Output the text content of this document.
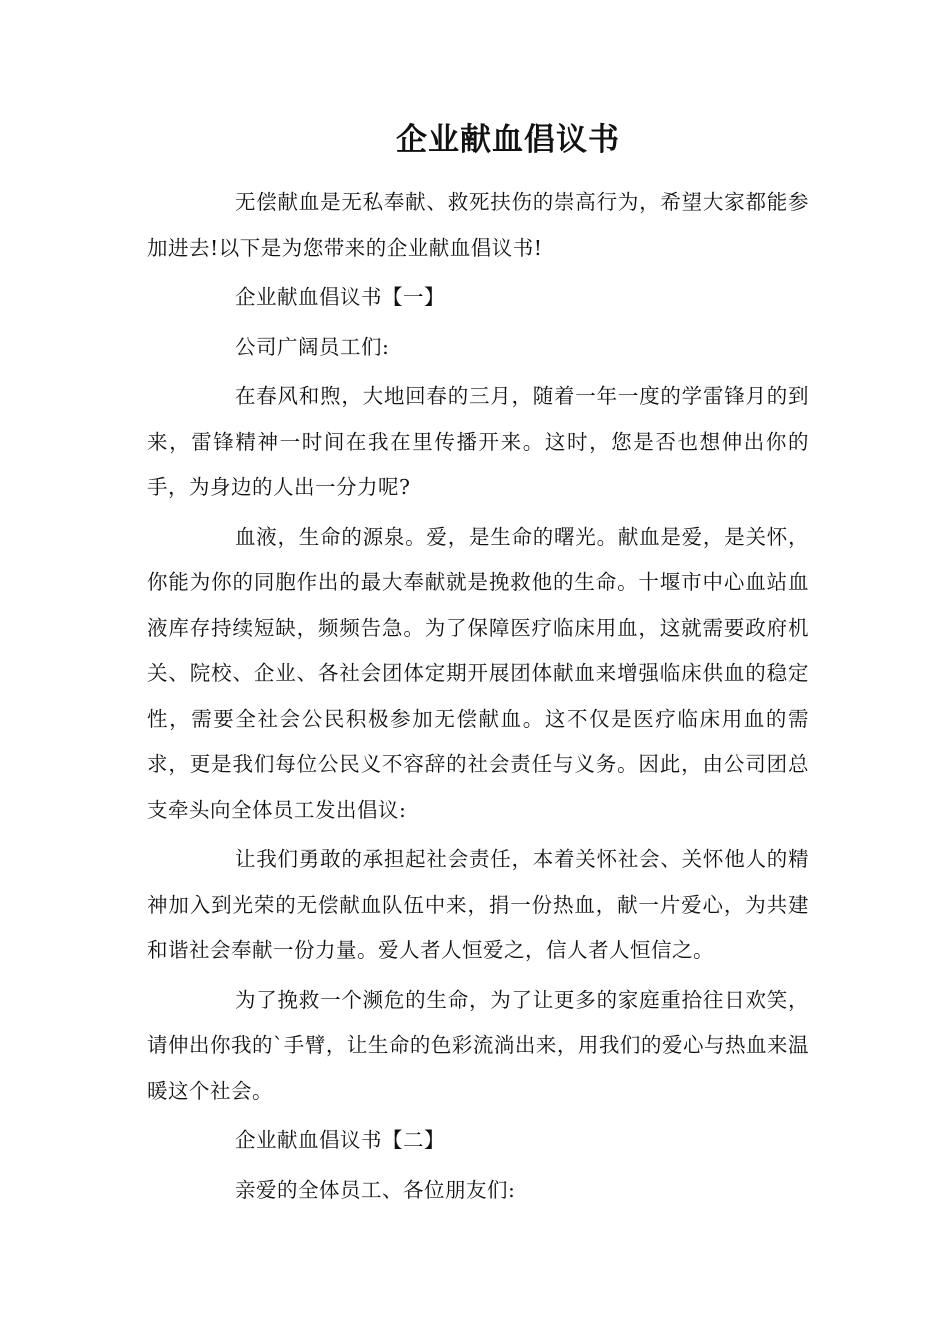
企业献血倡议书

无偿献血是无私奉献、救死扶伤的崇高行为，希望大家都能参加进去!以下是为您带来的企业献血倡议书!

企业献血倡议书【一】

公司广阔员工们:

在春风和煦，大地回春的三月，随着一年一度的学雷锋月的到来，雷锋精神一时间在我在里传播开来。这时，您是否也想伸出你的手，为身边的人出一分力呢?

血液，生命的源泉。爱，是生命的曙光。献血是爱，是关怀，你能为你的同胞作出的最大奉献就是挽救他的生命。十堰市中心血站血液库存持续短缺，频频告急。为了保障医疗临床用血，这就需要政府机关、院校、企业、各社会团体定期开展团体献血来增强临床供血的稳定性，需要全社会公民积极参加无偿献血。这不仅是医疗临床用血的需求，更是我们每位公民义不容辞的社会责任与义务。因此，由公司团总支牵头向全体员工发出倡议:

让我们勇敢的承担起社会责任，本着关怀社会、关怀他人的精神加入到光荣的无偿献血队伍中来，捐一份热血，献一片爱心，为共建和谐社会奉献一份力量。爱人者人恒爱之，信人者人恒信之。

为了挽救一个濒危的生命，为了让更多的家庭重拾往日欢笑，请伸出你我的`手臂，让生命的色彩流淌出来，用我们的爱心与热血来温暖这个社会。

企业献血倡议书【二】

亲爱的全体员工、各位朋友们:
